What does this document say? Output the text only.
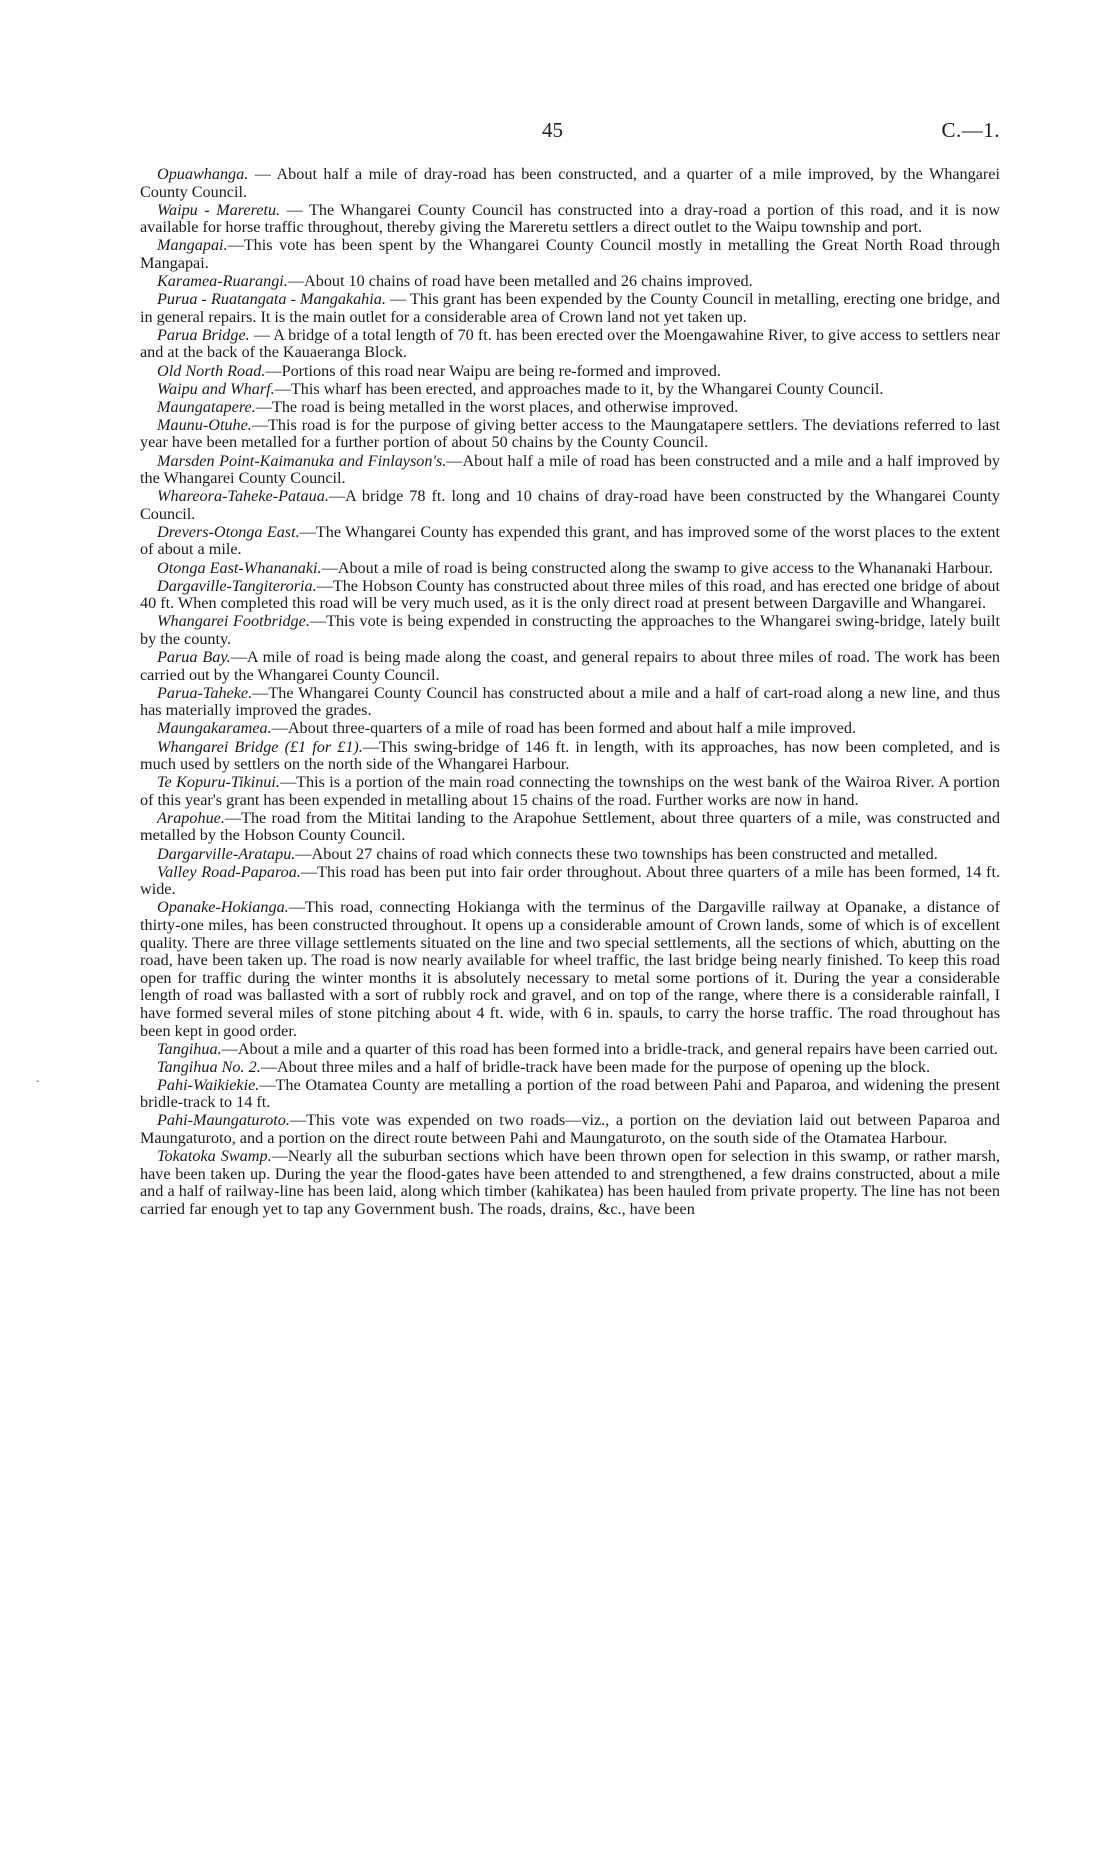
45	C.—1.

Opuawhanga. — About half a mile of dray-road has been constructed, and a quarter of a mile improved, by the Whangarei County Council.

Waipu - Mareretu. — The Whangarei County Council has constructed into a dray-road a portion of this road, and it is now available for horse traffic throughout, thereby giving the Mareretu settlers a direct outlet to the Waipu township and port.

Mangapai.—This vote has been spent by the Whangarei County Council mostly in metalling the Great North Road through Mangapai.

Karamea-Ruarangi.—About 10 chains of road have been metalled and 26 chains improved.

Purua - Ruatangata - Mangakahia. — This grant has been expended by the County Council in metalling, erecting one bridge, and in general repairs. It is the main outlet for a considerable area of Crown land not yet taken up.

Parua Bridge. — A bridge of a total length of 70 ft. has been erected over the Moengawahine River, to give access to settlers near and at the back of the Kauaeranga Block.

Old North Road.—Portions of this road near Waipu are being re-formed and improved.

Waipu and Wharf.—This wharf has been erected, and approaches made to it, by the Whangarei County Council.

Maungatapere.—The road is being metalled in the worst places, and otherwise improved.

Maunu-Otuhe.—This road is for the purpose of giving better access to the Maungatapere settlers. The deviations referred to last year have been metalled for a further portion of about 50 chains by the County Council.

Marsden Point-Kaimanuka and Finlayson's.—About half a mile of road has been constructed and a mile and a half improved by the Whangarei County Council.

Whareora-Taheke-Pataua.—A bridge 78 ft. long and 10 chains of dray-road have been constructed by the Whangarei County Council.

Drevers-Otonga East.—The Whangarei County has expended this grant, and has improved some of the worst places to the extent of about a mile.

Otonga East-Whananaki.—About a mile of road is being constructed along the swamp to give access to the Whananaki Harbour.

Dargaville-Tangiteroria.—The Hobson County has constructed about three miles of this road, and has erected one bridge of about 40 ft. When completed this road will be very much used, as it is the only direct road at present between Dargaville and Whangarei.

Whangarei Footbridge.—This vote is being expended in constructing the approaches to the Whangarei swing-bridge, lately built by the county.

Parua Bay.—A mile of road is being made along the coast, and general repairs to about three miles of road. The work has been carried out by the Whangarei County Council.

Parua-Taheke.—The Whangarei County Council has constructed about a mile and a half of cart-road along a new line, and thus has materially improved the grades.

Maungakaramea.—About three-quarters of a mile of road has been formed and about half a mile improved.

Whangarei Bridge (£1 for £1).—This swing-bridge of 146 ft. in length, with its approaches, has now been completed, and is much used by settlers on the north side of the Whangarei Harbour.

Te Kopuru-Tikinui.—This is a portion of the main road connecting the townships on the west bank of the Wairoa River. A portion of this year's grant has been expended in metalling about 15 chains of the road. Further works are now in hand.

Arapohue.—The road from the Mititai landing to the Arapohue Settlement, about three quarters of a mile, was constructed and metalled by the Hobson County Council.

Dargarville-Aratapu.—About 27 chains of road which connects these two townships has been constructed and metalled.

Valley Road-Paparoa.—This road has been put into fair order throughout. About three quarters of a mile has been formed, 14 ft. wide.

Opanake-Hokianga.—This road, connecting Hokianga with the terminus of the Dargaville railway at Opanake, a distance of thirty-one miles, has been constructed throughout. It opens up a considerable amount of Crown lands, some of which is of excellent quality. There are three village settlements situated on the line and two special settlements, all the sections of which, abutting on the road, have been taken up. The road is now nearly available for wheel traffic, the last bridge being nearly finished. To keep this road open for traffic during the winter months it is absolutely necessary to metal some portions of it. During the year a considerable length of road was ballasted with a sort of rubbly rock and gravel, and on top of the range, where there is a considerable rainfall, I have formed several miles of stone pitching about 4 ft. wide, with 6 in. spauls, to carry the horse traffic. The road throughout has been kept in good order.

Tangihua.—About a mile and a quarter of this road has been formed into a bridle-track, and general repairs have been carried out.

Tangihua No. 2.—About three miles and a half of bridle-track have been made for the purpose of opening up the block.

Pahi-Waikiekie.—The Otamatea County are metalling a portion of the road between Pahi and Paparoa, and widening the present bridle-track to 14 ft.

Pahi-Maungaturoto.—This vote was expended on two roads—viz., a portion on the deviation laid out between Paparoa and Maungaturoto, and a portion on the direct route between Pahi and Maungaturoto, on the south side of the Otamatea Harbour.

Tokatoka Swamp.—Nearly all the suburban sections which have been thrown open for selection in this swamp, or rather marsh, have been taken up. During the year the flood-gates have been attended to and strengthened, a few drains constructed, about a mile and a half of railway-line has been laid, along which timber (kahikatea) has been hauled from private property. The line has not been carried far enough yet to tap any Government bush. The roads, drains, &c., have been

ˆ
